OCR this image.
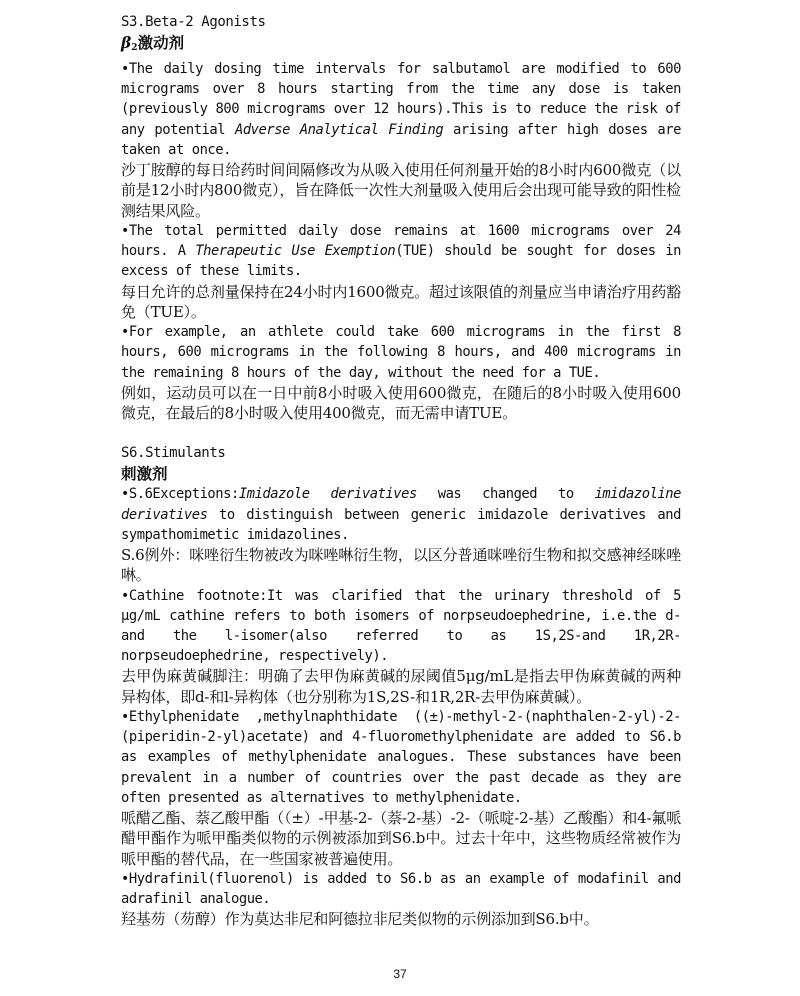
S3.Beta-2 Agonists
β2激动剂

•The daily dosing time intervals for salbutamol are modified to 600 micrograms over 8 hours starting from the time any dose is taken (previously 800 micrograms over 12 hours).This is to reduce the risk of any potential Adverse Analytical Finding arising after high doses are taken at once.

沙丁胺醇的每日给药时间间隔修改为从吸入使用任何剂量开始的8小时内600微克（以前是12小时内800微克），旨在降低一次性大剂量吸入使用后会出现可能导致的阳性检测结果风险。

•The total permitted daily dose remains at 1600 micrograms over 24 hours. A Therapeutic Use Exemption(TUE) should be sought for doses in excess of these limits.

每日允许的总剂量保持在24小时内1600微克。超过该限值的剂量应当申请治疗用药豁免（TUE）。

•For example, an athlete could take 600 micrograms in the first 8 hours, 600 micrograms in the following 8 hours, and 400 micrograms in the remaining 8 hours of the day, without the need for a TUE.

例如，运动员可以在一日中前8小时吸入使用600微克，在随后的8小时吸入使用600微克，在最后的8小时吸入使用400微克，而无需申请TUE。

S6.Stimulants
刺激剂

•S.6Exceptions:Imidazole derivatives was changed to imidazoline derivatives to distinguish between generic imidazole derivatives and sympathomimetic imidazolines.

S.6例外：咪唑衍生物被改为咪唑啉衍生物，以区分普通咪唑衍生物和拟交感神经咪唑啉。

•Cathine footnote:It was clarified that the urinary threshold of 5 μg/mL cathine refers to both isomers of norpseudoephedrine, i.e.the d-and the l-isomer(also referred to as 1S,2S-and 1R,2R-norpseudoephedrine, respectively).

去甲伪麻黄碱脚注：明确了去甲伪麻黄碱的尿阈值5μg/mL是指去甲伪麻黄碱的两种异构体，即d-和l-异构体（也分别称为1S,2S-和1R,2R-去甲伪麻黄碱）。

•Ethylphenidate ,methylnaphthidate ((±)-methyl-2-(naphthalen-2-yl)-2-(piperidin-2-yl)acetate) and 4-fluoromethylphenidate are added to S6.b as examples of methylphenidate analogues. These substances have been prevalent in a number of countries over the past decade as they are often presented as alternatives to methylphenidate.

哌醋乙酯、萘乙酸甲酯（（±）-甲基-2-（萘-2-基）-2-（哌啶-2-基）乙酸酯）和4-氟哌醋甲酯作为哌甲酯类似物的示例被添加到S6.b中。过去十年中，这些物质经常被作为哌甲酯的替代品，在一些国家被普遍使用。

•Hydrafinil(fluorenol) is added to S6.b as an example of modafinil and adrafinil analogue.

羟基芴（芴醇）作为莫达非尼和阿德拉非尼类似物的示例添加到S6.b中。

37
